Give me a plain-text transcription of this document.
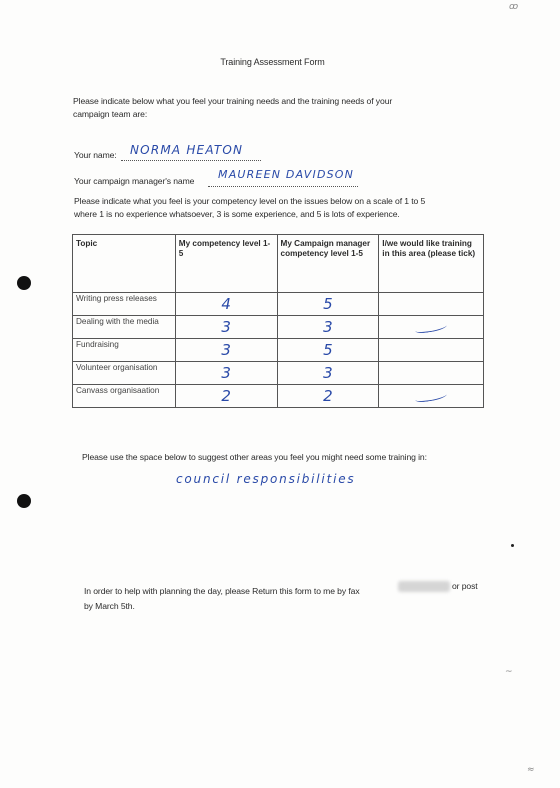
Training Assessment Form
Please indicate below what you feel your training needs and the training needs of your
campaign team are:
Your name: NORMA HEATON
Your campaign manager's name MAUREEN DAVIDSON
Please indicate what you feel is your competency level on the issues below on a scale of 1 to 5
where 1 is no experience whatsoever, 3 is some experience, and 5 is lots of experience.
Topic	My competency level 1-5	My Campaign manager competency level 1-5	I/we would like training in this area (please tick)
Writing press releases	4	5	
Dealing with the media	3	3	
Fundraising	3	5	
Volunteer organisation	3	3	
Canvass organisaation	2	2	
Please use the space below to suggest other areas you feel you might need some training in:
council responsibilities
In order to help with planning the day, please Return this form to me by fax	or post
by March 5th.
ꝏ
~
≈
